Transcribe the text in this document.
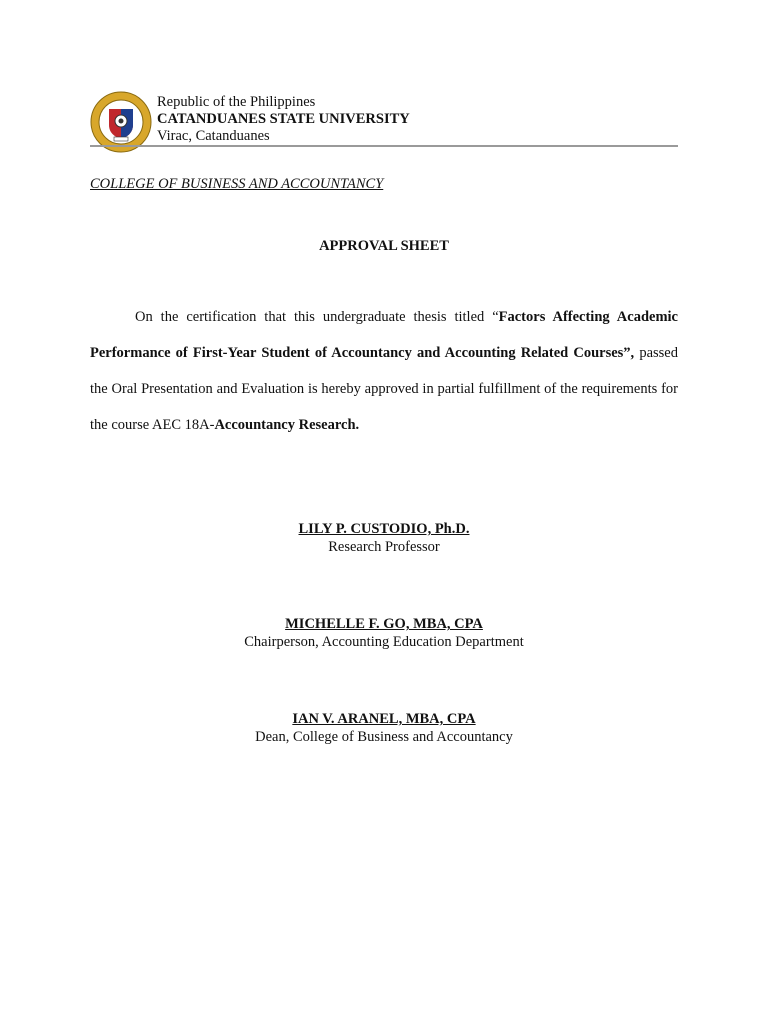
Republic of the Philippines
CATANDUANES STATE UNIVERSITY
Virac, Catanduanes
COLLEGE OF BUSINESS AND ACCOUNTANCY
APPROVAL SHEET
On the certification that this undergraduate thesis titled “Factors Affecting Academic Performance of First-Year Student of Accountancy and Accounting Related Courses”, passed the Oral Presentation and Evaluation is hereby approved in partial fulfillment of the requirements for the course AEC 18A-Accountancy Research.
LILY P. CUSTODIO, Ph.D.
Research Professor
MICHELLE F. GO, MBA, CPA
Chairperson, Accounting Education Department
IAN V. ARANEL, MBA, CPA
Dean, College of Business and Accountancy
